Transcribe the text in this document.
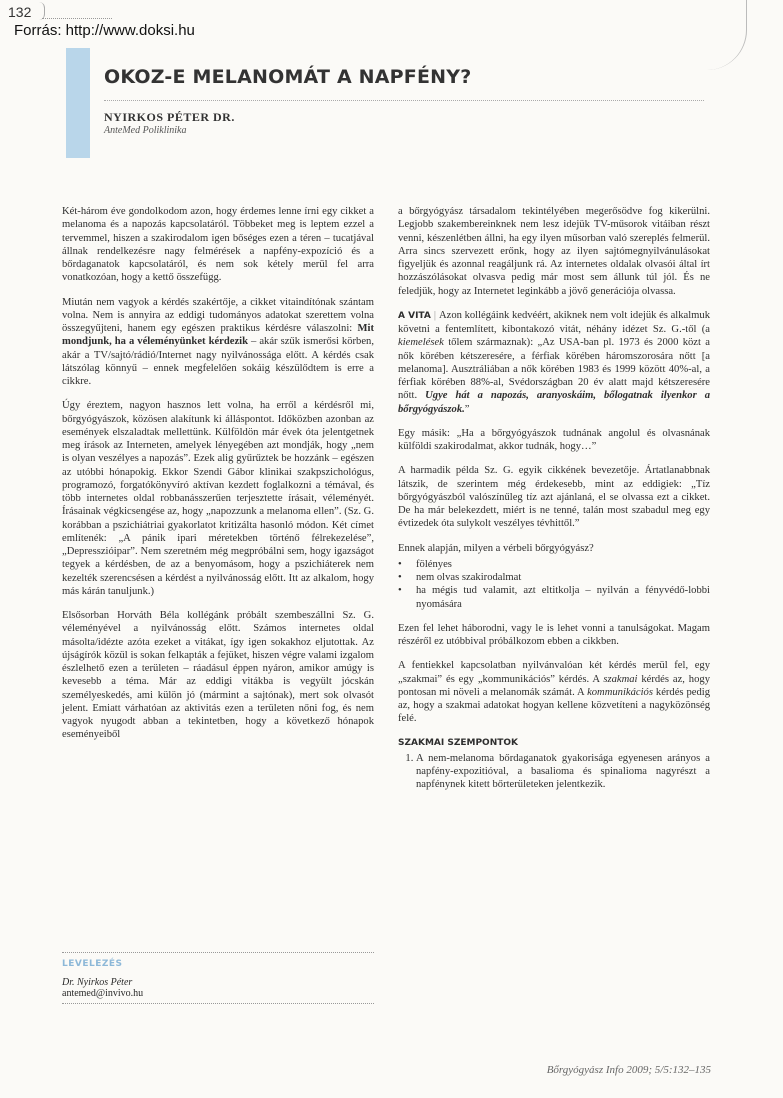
132
Forrás: http://www.doksi.hu
OKOZ-E MELANOMÁT A NAPFÉNY?
NYIRKOS PÉTER DR.
AnteMed Poliklinika

Két-három éve gondolkodom azon, hogy érdemes lenne írni egy cikket a melanoma és a napozás kapcsolatáról. Többeket meg is leptem ezzel a tervemmel, hiszen a szakirodalom igen bőséges ezen a téren – tucatjával állnak rendelkezésre nagy felmérések a napfény-expozíció és a bőrdaganatok kapcsolatáról, és nem sok kétely merül fel arra vonatkozóan, hogy a kettő összefügg.

Miután nem vagyok a kérdés szakértője, a cikket vitaindítónak szántam volna. Nem is annyira az eddigi tudományos adatokat szerettem volna összegyűjteni, hanem egy egészen praktikus kérdésre válaszolni: Mit mondjunk, ha a véleményünket kérdezik – akár szűk ismerősi körben, akár a TV/sajtó/rádió/Internet nagy nyilvánossága előtt. A kérdés csak látszólag könnyű – ennek megfelelően sokáig készülődtem is erre a cikkre.

Úgy éreztem, nagyon hasznos lett volna, ha erről a kérdésről mi, bőrgyógyászok, közösen alakítunk ki álláspontot. Időközben azonban az események elszaladtak mellettünk. Külföldön már évek óta jelentgetnek meg írások az Interneten, amelyek lényegében azt mondják, hogy „nem is olyan veszélyes a napozás”. Ezek alig gyűrűztek be hozzánk – egészen az utóbbi hónapokig. Ekkor Szendi Gábor klinikai szakpszichológus, programozó, forgatókönyvíró aktívan kezdett foglalkozni a témával, és több internetes oldal robbanásszerűen terjesztette írásait, véleményét. Írásainak végkicsengése az, hogy „napozzunk a melanoma ellen”. (Sz. G. korábban a pszichiátriai gyakorlatot kritizálta hasonló módon. Két címet említenék: „A pánik ipari méretekben történő félrekezelése”, „Depresszióipar”. Nem szeretném még megpróbálni sem, hogy igazságot tegyek a kérdésben, de az a benyomásom, hogy a pszichiáterek nem kezelték szerencsésen a kérdést a nyilvánosság előtt. Itt az alkalom, hogy más kárán tanuljunk.)

Elsősorban Horváth Béla kollégánk próbált szembeszállni Sz. G. véleményével a nyilvánosság előtt. Számos internetes oldal másolta/idézte azóta ezeket a vitákat, így igen sokakhoz eljutottak. Az újságírók közül is sokan felkapták a fejüket, hiszen végre valami izgalom észlelhető ezen a területen – ráadásul éppen nyáron, amikor amúgy is kevesebb a téma. Már az eddigi vitákba is vegyült jócskán személyeskedés, ami külön jó (mármint a sajtónak), mert sok olvasót jelent. Emiatt várhatóan az aktivitás ezen a területen nőni fog, és nem vagyok nyugodt abban a tekintetben, hogy a következő hónapok eseményeiből

a bőrgyógyász társadalom tekintélyében megerősödve fog kikerülni. Legjobb szakembereinknek nem lesz idejük TV-műsorok vitáiban részt venni, készenlétben állni, ha egy ilyen műsorban való szereplés felmerül. Arra sincs szervezett erőnk, hogy az ilyen sajtómegnyilvánulásokat figyeljük és azonnal reagáljunk rá. Az internetes oldalak olvasói által írt hozzászólásokat olvasva pedig már most sem állunk túl jól. És ne feledjük, hogy az Internetet leginkább a jövő generációja olvassa.

A VITA | Azon kollégáink kedvéért, akiknek nem volt idejük és alkalmuk követni a fentemlített, kibontakozó vitát, néhány idézet Sz. G.-től (a kiemelések tőlem származnak): „Az USA-ban pl. 1973 és 2000 közt a nők körében kétszeresére, a férfiak körében háromszorosára nőtt [a melanoma]. Ausztráliában a nők körében 1983 és 1999 között 40%-al, a férfiak körében 88%-al, Svédországban 20 év alatt majd kétszeresére nőtt. Ugye hát a napozás, aranyoskáim, bőlogatnak ilyenkor a bőrgyógyászok.”

Egy másik: „Ha a bőrgyógyászok tudnának angolul és olvasnának külföldi szakirodalmat, akkor tudnák, hogy…”

A harmadik példa Sz. G. egyik cikkének bevezetője. Ártatlanabbnak látszik, de szerintem még érdekesebb, mint az eddigiek: „Tíz bőrgyógyászból valószínűleg tíz azt ajánlaná, el se olvassa ezt a cikket. De ha már belekezdett, miért is ne tenné, talán most szabadul meg egy évtizedek óta sulykolt veszélyes tévhittől.”

Ennek alapján, milyen a vérbeli bőrgyógyász?

• fölényes
• nem olvas szakirodalmat
• ha mégis tud valamit, azt eltitkolja – nyilván a fényvédő-lobbi nyomására

Ezen fel lehet háborodni, vagy le is lehet vonni a tanulságokat. Magam részéről ez utóbbival próbálkozom ebben a cikkben.

A fentiekkel kapcsolatban nyilvánvalóan két kérdés merül fel, egy „szakmai” és egy „kommunikációs” kérdés. A szakmai kérdés az, hogy pontosan mi növeli a melanomák számát. A kommunikációs kérdés pedig az, hogy a szakmai adatokat hogyan kellene közvetíteni a nagyközönség felé.

SZAKMAI SZEMPONTOK
1. A nem-melanoma bőrdaganatok gyakorisága egyenesen arányos a napfény-expozitióval, a basalioma és spinalioma nagyrészt a napfénynek kitett bőrterületeken jelentkezik.
LEVELEZÉS
Dr. Nyirkos Péter
antemed@invivo.hu
Bőrgyógyász Info 2009; 5/5:132–135
